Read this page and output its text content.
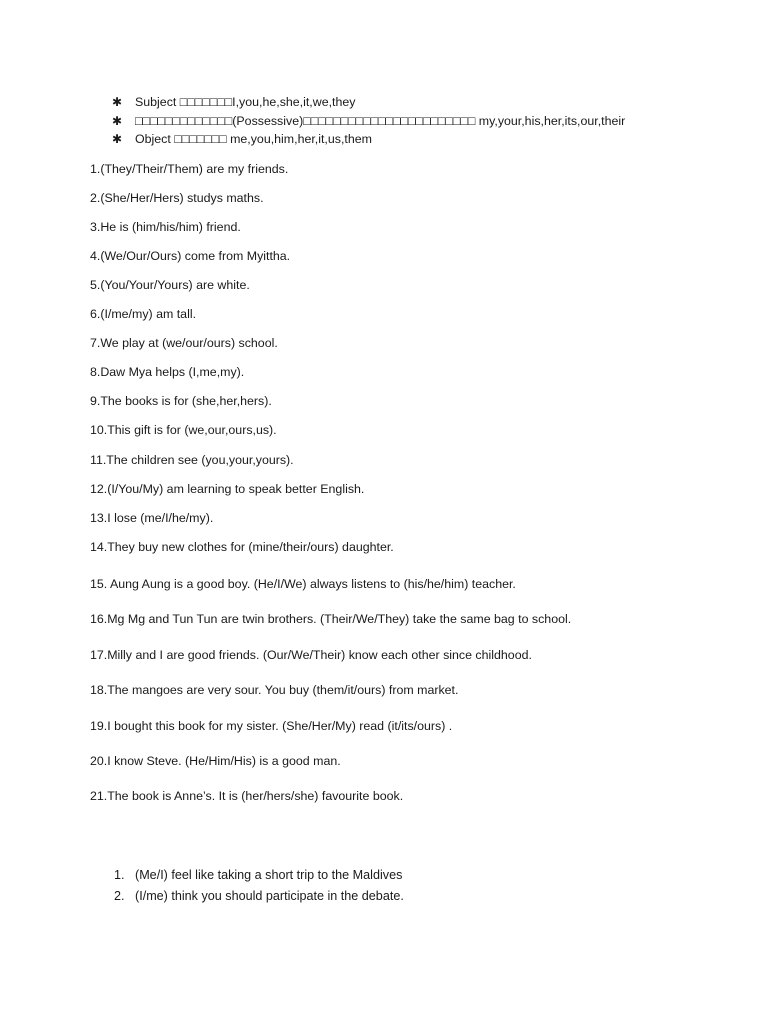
✱ Subject □□□□□□□I,you,he,she,it,we,they
✱ □□□□□□□□□□□□□(Possessive)□□□□□□□□□□□□□□□□□□□□□□□ my,your,his,her,its,our,their
✱ Object □□□□□□□ me,you,him,her,it,us,them
1.(They/Their/Them) are my friends.
2.(She/Her/Hers) studys maths.
3.He is (him/his/him) friend.
4.(We/Our/Ours) come from Myittha.
5.(You/Your/Yours) are white.
6.(I/me/my) am tall.
7.We play at (we/our/ours) school.
8.Daw Mya helps (I,me,my).
9.The books is for (she,her,hers).
10.This gift is for (we,our,ours,us).
11.The children see (you,your,yours).
12.(I/You/My) am learning to speak better English.
13.I lose (me/I/he/my).
14.They buy new clothes for (mine/their/ours) daughter.
15. Aung Aung is a good boy. (He/I/We) always listens to (his/he/him) teacher.
16.Mg Mg and Tun Tun are twin brothers. (Their/We/They) take the same bag to school.
17.Milly and I are good friends. (Our/We/Their) know each other since childhood.
18.The mangoes are very sour. You buy (them/it/ours) from market.
19.I bought this book for my sister. (She/Her/My) read (it/its/ours) .
20.I know Steve. (He/Him/His) is a good man.
21.The book is Anne’s. It is (her/hers/she) favourite book.
1. (Me/I) feel like taking a short trip to the Maldives
2. (I/me) think you should participate in the debate.
